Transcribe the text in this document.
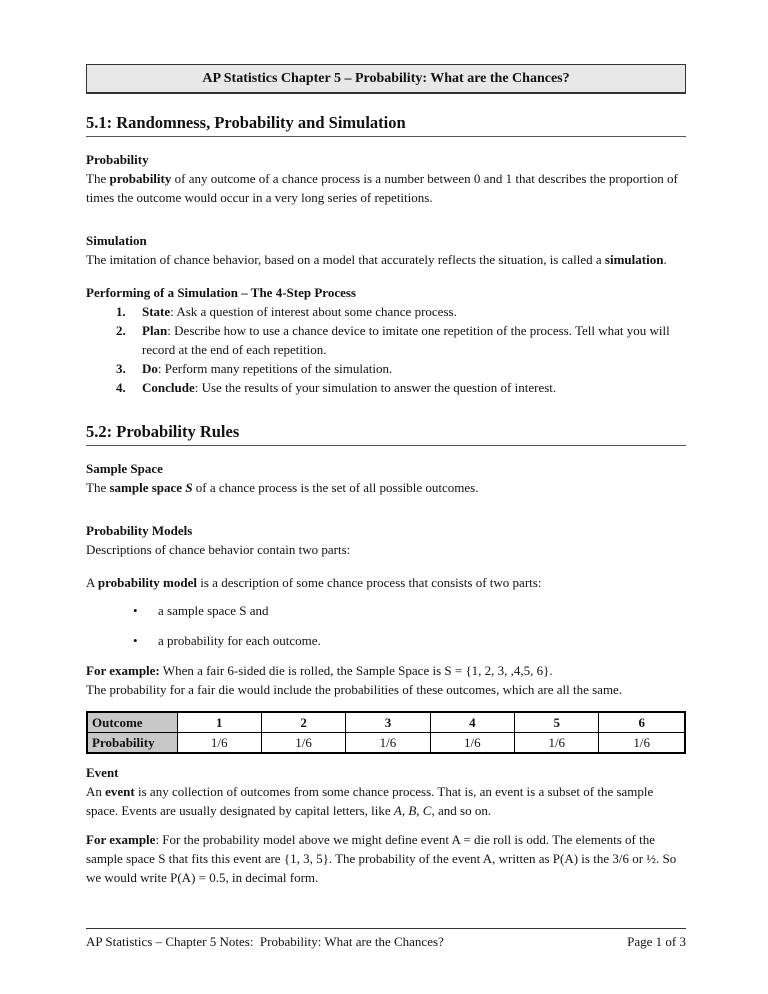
AP Statistics Chapter 5 – Probability: What are the Chances?
5.1: Randomness, Probability and Simulation
Probability

The probability of any outcome of a chance process is a number between 0 and 1 that describes the proportion of times the outcome would occur in a very long series of repetitions.

Simulation

The imitation of chance behavior, based on a model that accurately reflects the situation, is called a simulation.

Performing of a Simulation – The 4-Step Process
1.	State: Ask a question of interest about some chance process.
2.	Plan: Describe how to use a chance device to imitate one repetition of the process. Tell what you will record at the end of each repetition.
3.	Do: Perform many repetitions of the simulation.
4.	Conclude: Use the results of your simulation to answer the question of interest.
5.2: Probability Rules
Sample Space

The sample space S of a chance process is the set of all possible outcomes.

Probability Models

Descriptions of chance behavior contain two parts:

A probability model is a description of some chance process that consists of two parts:

•	a sample space S and
•	a probability for each outcome.

For example: When a fair 6-sided die is rolled, the Sample Space is S = {1, 2, 3, ,4,5, 6}.

The probability for a fair die would include the probabilities of these outcomes, which are all the same.

Outcome	1	2	3	4	5	6
Probability	1/6	1/6	1/6	1/6	1/6	1/6
Event

An event is any collection of outcomes from some chance process. That is, an event is a subset of the sample space. Events are usually designated by capital letters, like A, B, C, and so on.

For example: For the probability model above we might define event A = die roll is odd. The elements of the sample space S that fits this event are {1, 3, 5}. The probability of the event A, written as P(A) is the 3/6 or ½. So we would write P(A) = 0.5, in decimal form.

AP Statistics – Chapter 5 Notes:  Probability: What are the Chances?	Page 1 of 3
